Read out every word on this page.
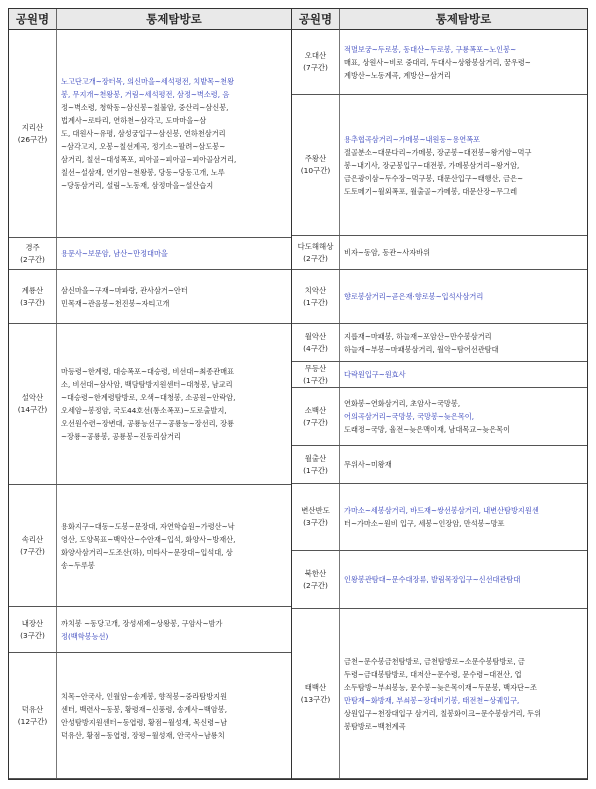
공원명	통제탐방로
지리산
(26구간)
노고단고개~장터목, 의신마을~세석평전, 치밭목~천왕
봉, 무지개~천왕봉, 거림~세석평전, 삼정~벽소령, 음
정~벽소령, 청학동~삼신봉~칠불암, 중산리~삼신봉,
법계사~로타리, 연하천~삼각고, 도마마을~삼
도, 대원사~유평, 삼성궁입구~삼신봉, 연하천삼거리
~삼각고지, 오봉~칠선계곡, 정기소~팔려~삼도봉~
삼거리, 칠선~대성폭포, 피아골~피아골~피아골삼거리,
칠선~설삼재, 연기암~천왕봉, 당동~당동고개, 노루
~당동삼거리, 설림~노동재, 삼정마을~설산습지
경주
(2구간)
용문사~보문암, 남산~만정대마을
계룡산
(3구간)
삼신마을~구재~마파랑, 관사삼거~안터
민목재~관음봉~천진봉~자티고개
설악산
(14구간)
마등령~한계령, 대승폭포~대승령, 비선대~최종관매표
소, 비선대~삼사암, 백담탐방지원센터~대청봉, 남교리
~대승령~한계령탐방로, 오색~대청봉, 소공원~안락암,
오세암~봉정암, 국도44호선(통소폭포)~도로출발지,
오선원수련~장변대, 공룡능선구~공룡능~장선리, 장룡
~장룡~공룡봉, 공룡봉~진동리삼거리
속리산
(7구간)
용화지구~대동~도봉~문장대, 자연학습원~가령산~낙
영산, 도양목표~백악산~수안재~입석, 화양사~방재산,
화양사삼거리~도조산(하), 미타사~문장대~입석대, 상
송~두루봉
내장산
(3구간)
까치봉 ~동당고개, 장성새재~상왕봉, 구암사~밤가
정(백학봉능선)
덕유산
(12구간)
치목~안국사, 인월암~송계봉, 향적봉~중라탐방지원
센터, 백련사~동봉, 황령재~신풍령, 송계사~백암봉,
안성탐방지원센터~동엽령, 황점~월성재, 목신령~남
덕유산, 황점~동엽령, 장평~월성재, 안국사~남룡치
공원명	통제탐방로
오대산
(7구간)
적멸보궁~두로봉, 동대산~두로봉, 구룡폭포~노인봉~
매표, 상원사~비로 중대리, 두대사~상왕봉삼거리, 꿈우령~
계방산~노동계곡, 계방산~삼거리
주왕산
(10구간)
용추협곡삼거리~가메봉~내원동~용연폭포
절골분소~대문다리~가메봉, 장군봉~대전봉~왕거암~먹구
봉~내기사, 장군봉입구~대전봉, 가메봉삼거리~왕거암,
금은광이삼~두수장~먹구봉, 대문산입구~태행산, 금은~
도토메기~월외폭포, 월출골~가메봉, 대문산장~무그레
다도해해상
(2구간)
비자~동암, 동관~사자바위
치악산
(1구간)
향로봉삼거리~곧은재·향로봉~입석사삼거리
월악산
(4구간)
지릅재~마패봉, 하늘재~포암산~만수봉삼거리
하늘재~부봉~마패봉삼거리, 월악~탐어선관탐대
무등산
(1구간)
다락원입구~원효사
소백산
(7구간)
연화봉~연화삼거리, 초암사~국망봉,
어의곡삼거리~국망봉, 국망봉~늦은목이,
도래정~국망, 율전~늦은맥이재, 남대목교~늦은목이
월출산
(1구간)
무위사~미왕재
변산반도
(3구간)
가마소~세봉삼거리, 바드재~쌍선봉삼거리, 내변산탐방지원센
터~가마소~원비 입구, 세봉~인장암, 만석봉~망포
북한산
(2구간)
인왕봉관탐대~문수대장류, 발림목장입구~신선대관탐대
태백산
(13구간)
금천~문수봉금천탐방로, 금천탐방로~소문수봉탐방로, 금
두령~금대봉탐방로, 대저산~문수령, 문수령~대전산, 업
소두탐방~부쇠봉능, 문수봉~늦은목이재~두문봉, 백자단~조
만탐재~화방재, 부쇠봉~장대비기봉, 태전천~상궤입구,
상원입구~천장대입구 삼거리, 칠봉화이크~문수봉삼거리, 두위
봉탐방로~백천계곡
